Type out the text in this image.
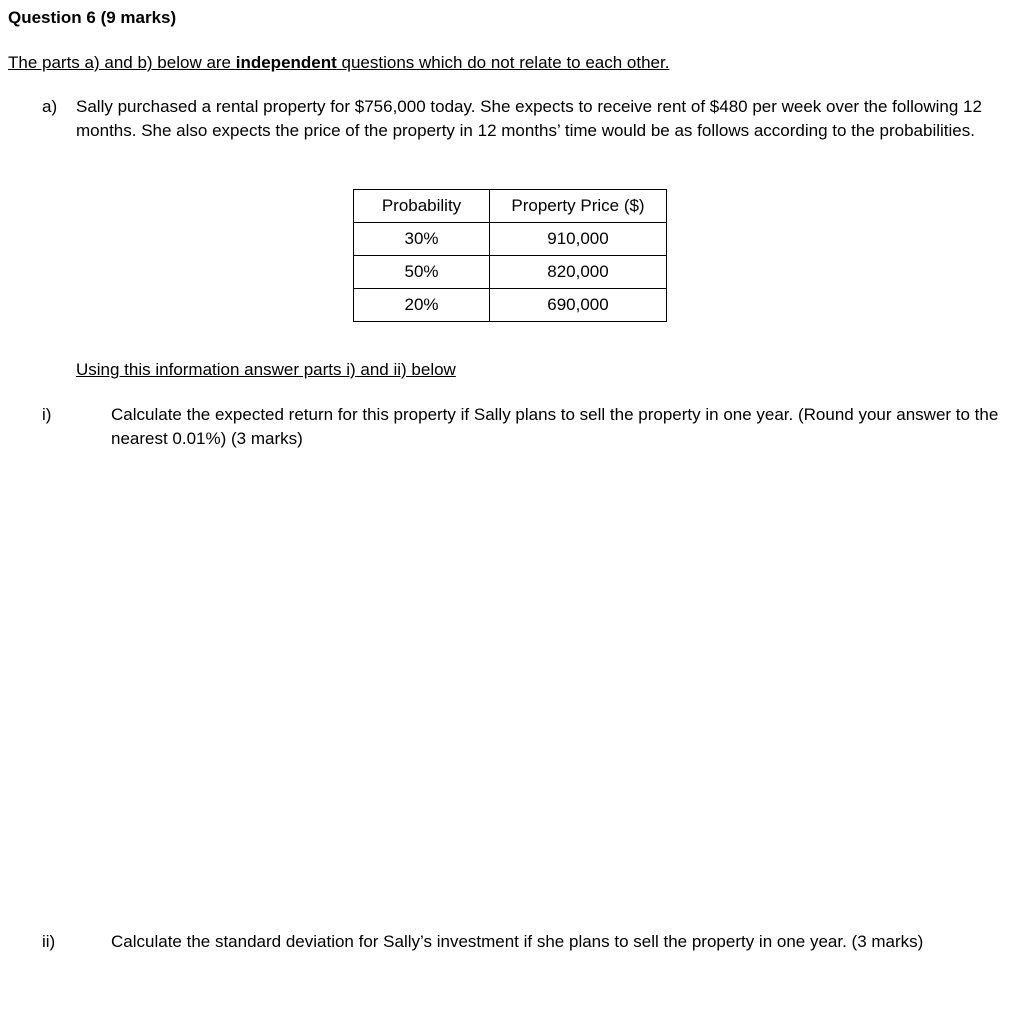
Question 6 (9 marks)
The parts a) and b) below are independent questions which do not relate to each other.
a) Sally purchased a rental property for $756,000 today. She expects to receive rent of $480 per week over the following 12 months. She also expects the price of the property in 12 months’ time would be as follows according to the probabilities.
Probability	Property Price ($)
30%	910,000
50%	820,000
20%	690,000
Using this information answer parts i) and ii) below
i)	Calculate the expected return for this property if Sally plans to sell the property in one year. (Round your answer to the nearest 0.01%) (3 marks)
ii)	Calculate the standard deviation for Sally’s investment if she plans to sell the property in one year. (3 marks)
